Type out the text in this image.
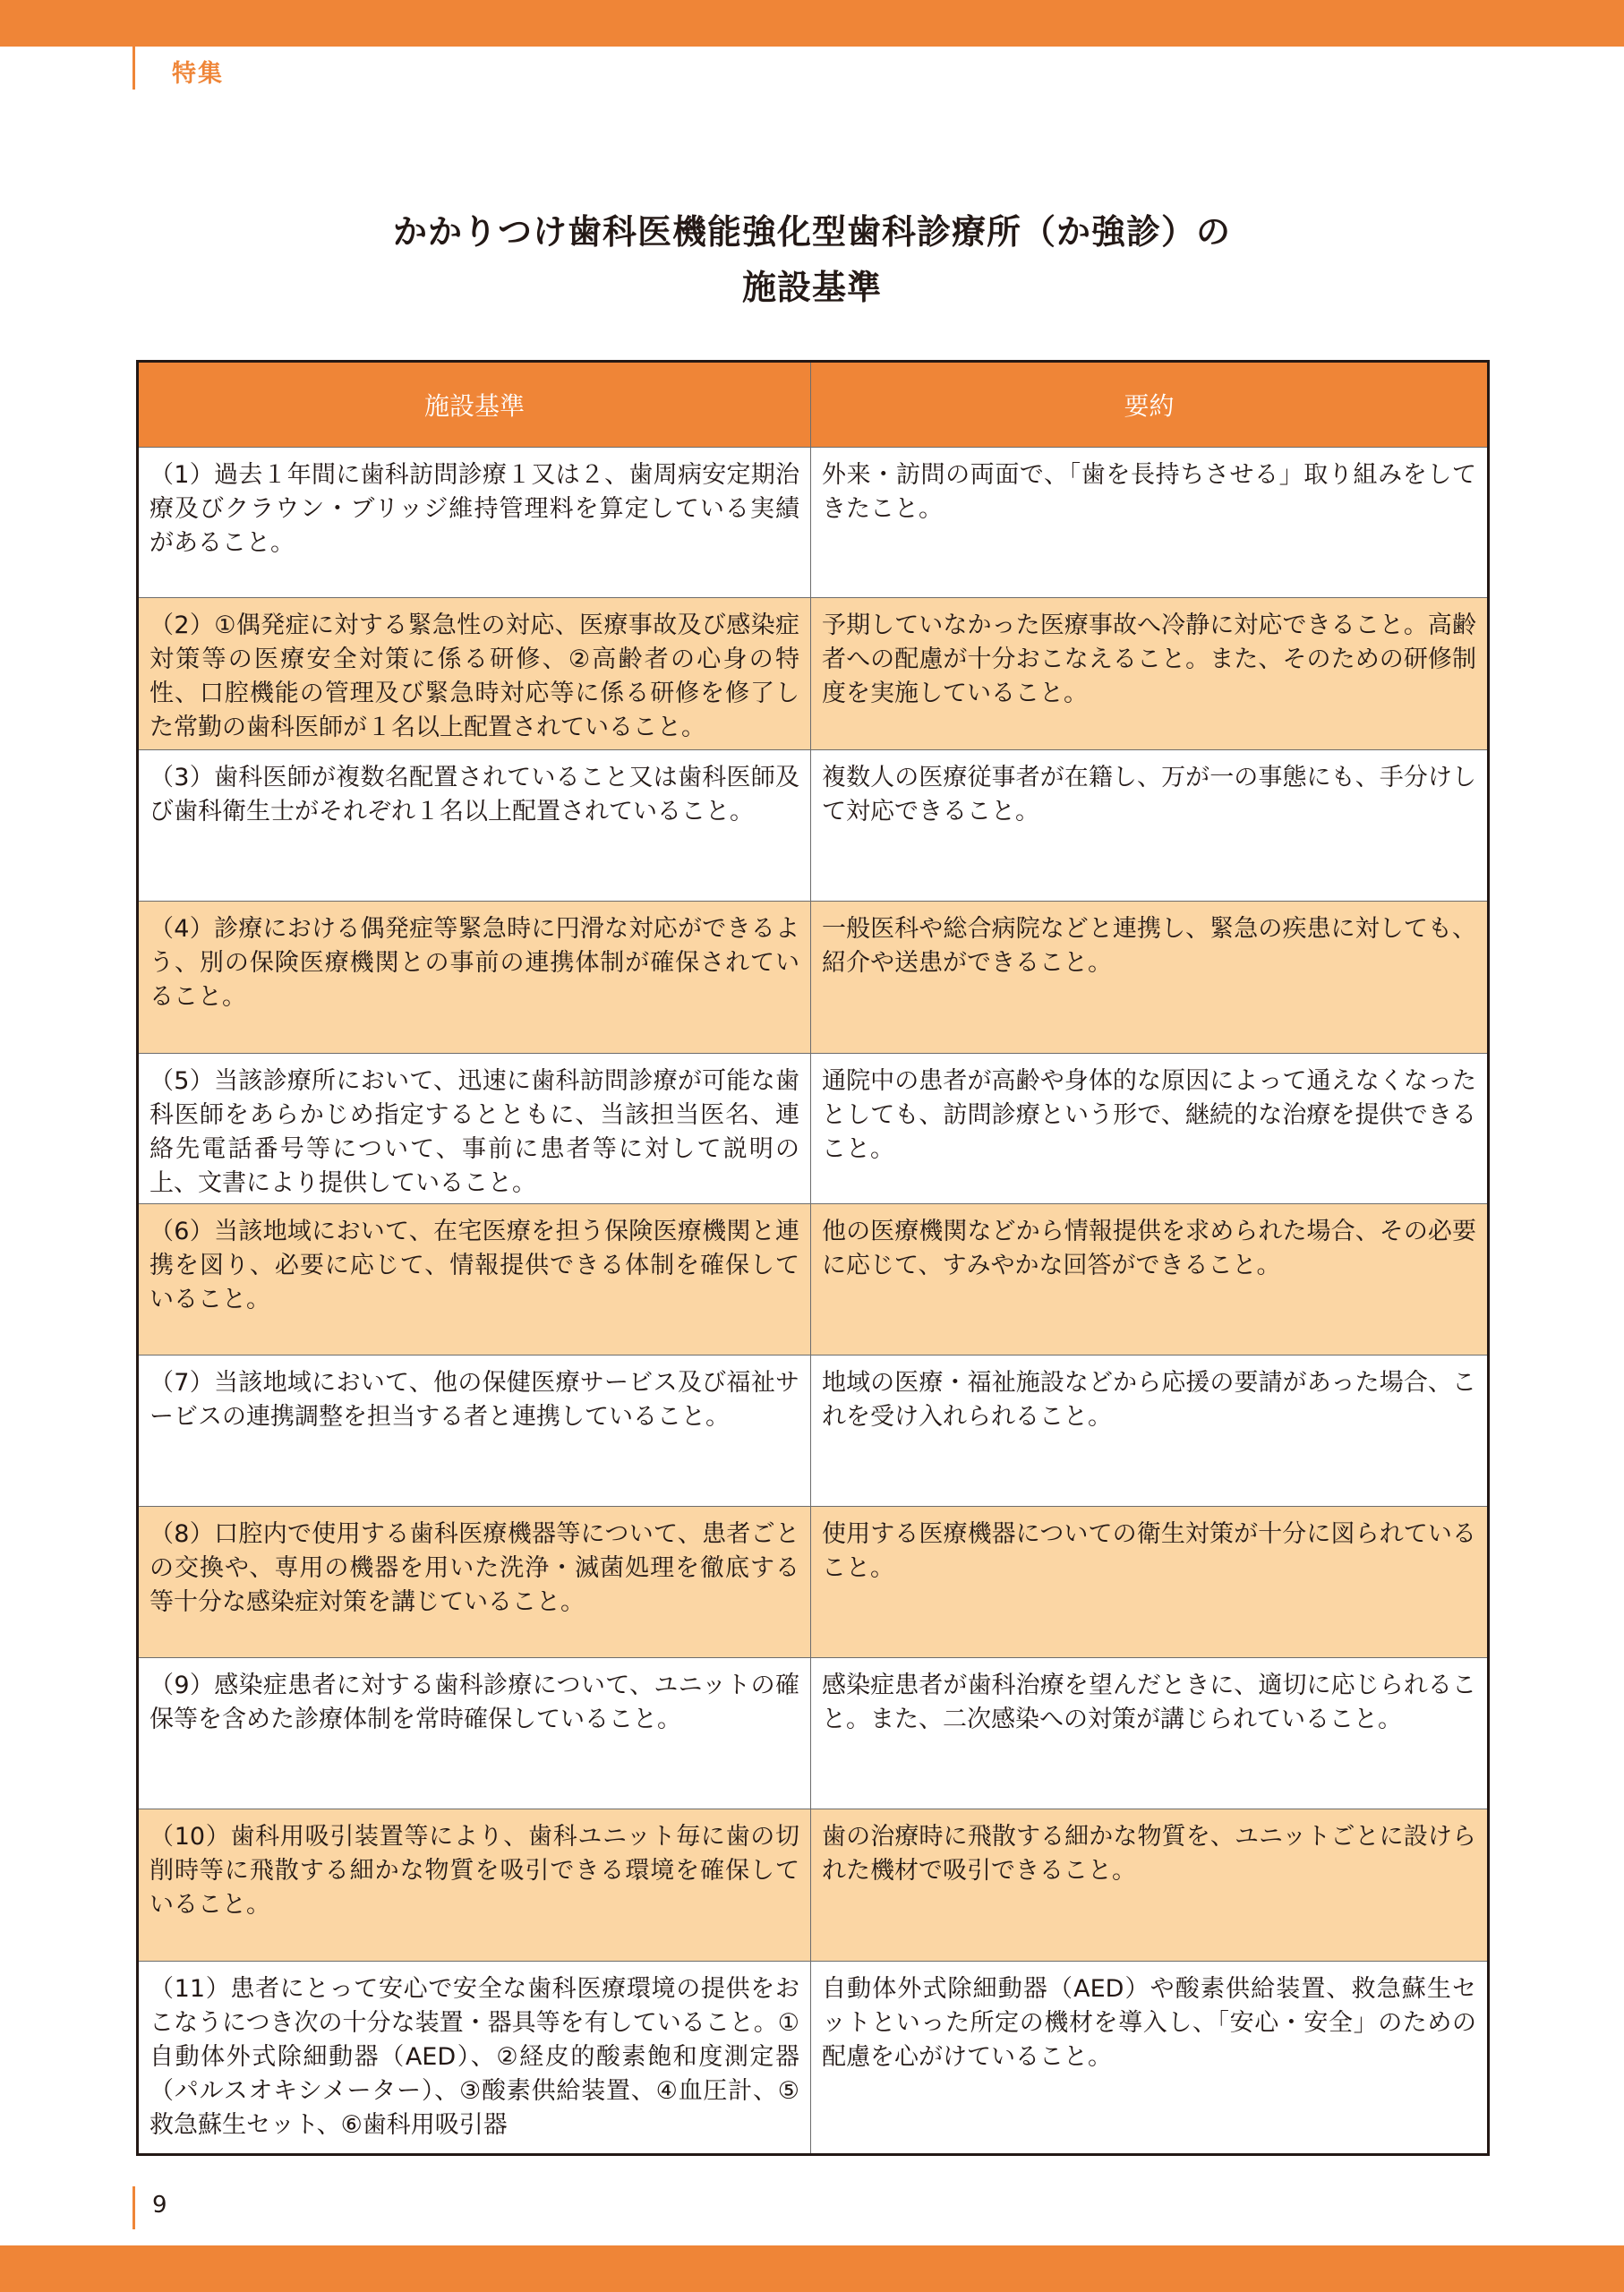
特集
かかりつけ歯科医機能強化型歯科診療所（か強診）の
施設基準
施設基準	要約
（1）過去１年間に歯科訪問診療１又は２、歯周病安定期治療及びクラウン・ブリッジ維持管理料を算定している実績があること。	外来・訪問の両面で、「歯を長持ちさせる」取り組みをしてきたこと。
（2）①偶発症に対する緊急性の対応、医療事故及び感染症対策等の医療安全対策に係る研修、②高齢者の心身の特性、口腔機能の管理及び緊急時対応等に係る研修を修了した常勤の歯科医師が１名以上配置されていること。	予期していなかった医療事故へ冷静に対応できること。高齢者への配慮が十分おこなえること。また、そのための研修制度を実施していること。
（3）歯科医師が複数名配置されていること又は歯科医師及び歯科衛生士がそれぞれ１名以上配置されていること。	複数人の医療従事者が在籍し、万が一の事態にも、手分けして対応できること。
（4）診療における偶発症等緊急時に円滑な対応ができるよう、別の保険医療機関との事前の連携体制が確保されていること。	一般医科や総合病院などと連携し、緊急の疾患に対しても、紹介や送患ができること。
（5）当該診療所において、迅速に歯科訪問診療が可能な歯科医師をあらかじめ指定するとともに、当該担当医名、連絡先電話番号等について、事前に患者等に対して説明の上、文書により提供していること。	通院中の患者が高齢や身体的な原因によって通えなくなったとしても、訪問診療という形で、継続的な治療を提供できること。
（6）当該地域において、在宅医療を担う保険医療機関と連携を図り、必要に応じて、情報提供できる体制を確保していること。	他の医療機関などから情報提供を求められた場合、その必要に応じて、すみやかな回答ができること。
（7）当該地域において、他の保健医療サービス及び福祉サービスの連携調整を担当する者と連携していること。	地域の医療・福祉施設などから応援の要請があった場合、これを受け入れられること。
（8）口腔内で使用する歯科医療機器等について、患者ごとの交換や、専用の機器を用いた洗浄・滅菌処理を徹底する等十分な感染症対策を講じていること。	使用する医療機器についての衛生対策が十分に図られていること。
（9）感染症患者に対する歯科診療について、ユニットの確保等を含めた診療体制を常時確保していること。	感染症患者が歯科治療を望んだときに、適切に応じられること。また、二次感染への対策が講じられていること。
（10）歯科用吸引装置等により、歯科ユニット毎に歯の切削時等に飛散する細かな物質を吸引できる環境を確保していること。	歯の治療時に飛散する細かな物質を、ユニットごとに設けられた機材で吸引できること。
（11）患者にとって安心で安全な歯科医療環境の提供をおこなうにつき次の十分な装置・器具等を有していること。①自動体外式除細動器（AED）、②経皮的酸素飽和度測定器（パルスオキシメーター）、③酸素供給装置、④血圧計、⑤救急蘇生セット、⑥歯科用吸引器	自動体外式除細動器（AED）や酸素供給装置、救急蘇生セットといった所定の機材を導入し、「安心・安全」のための配慮を心がけていること。
9
